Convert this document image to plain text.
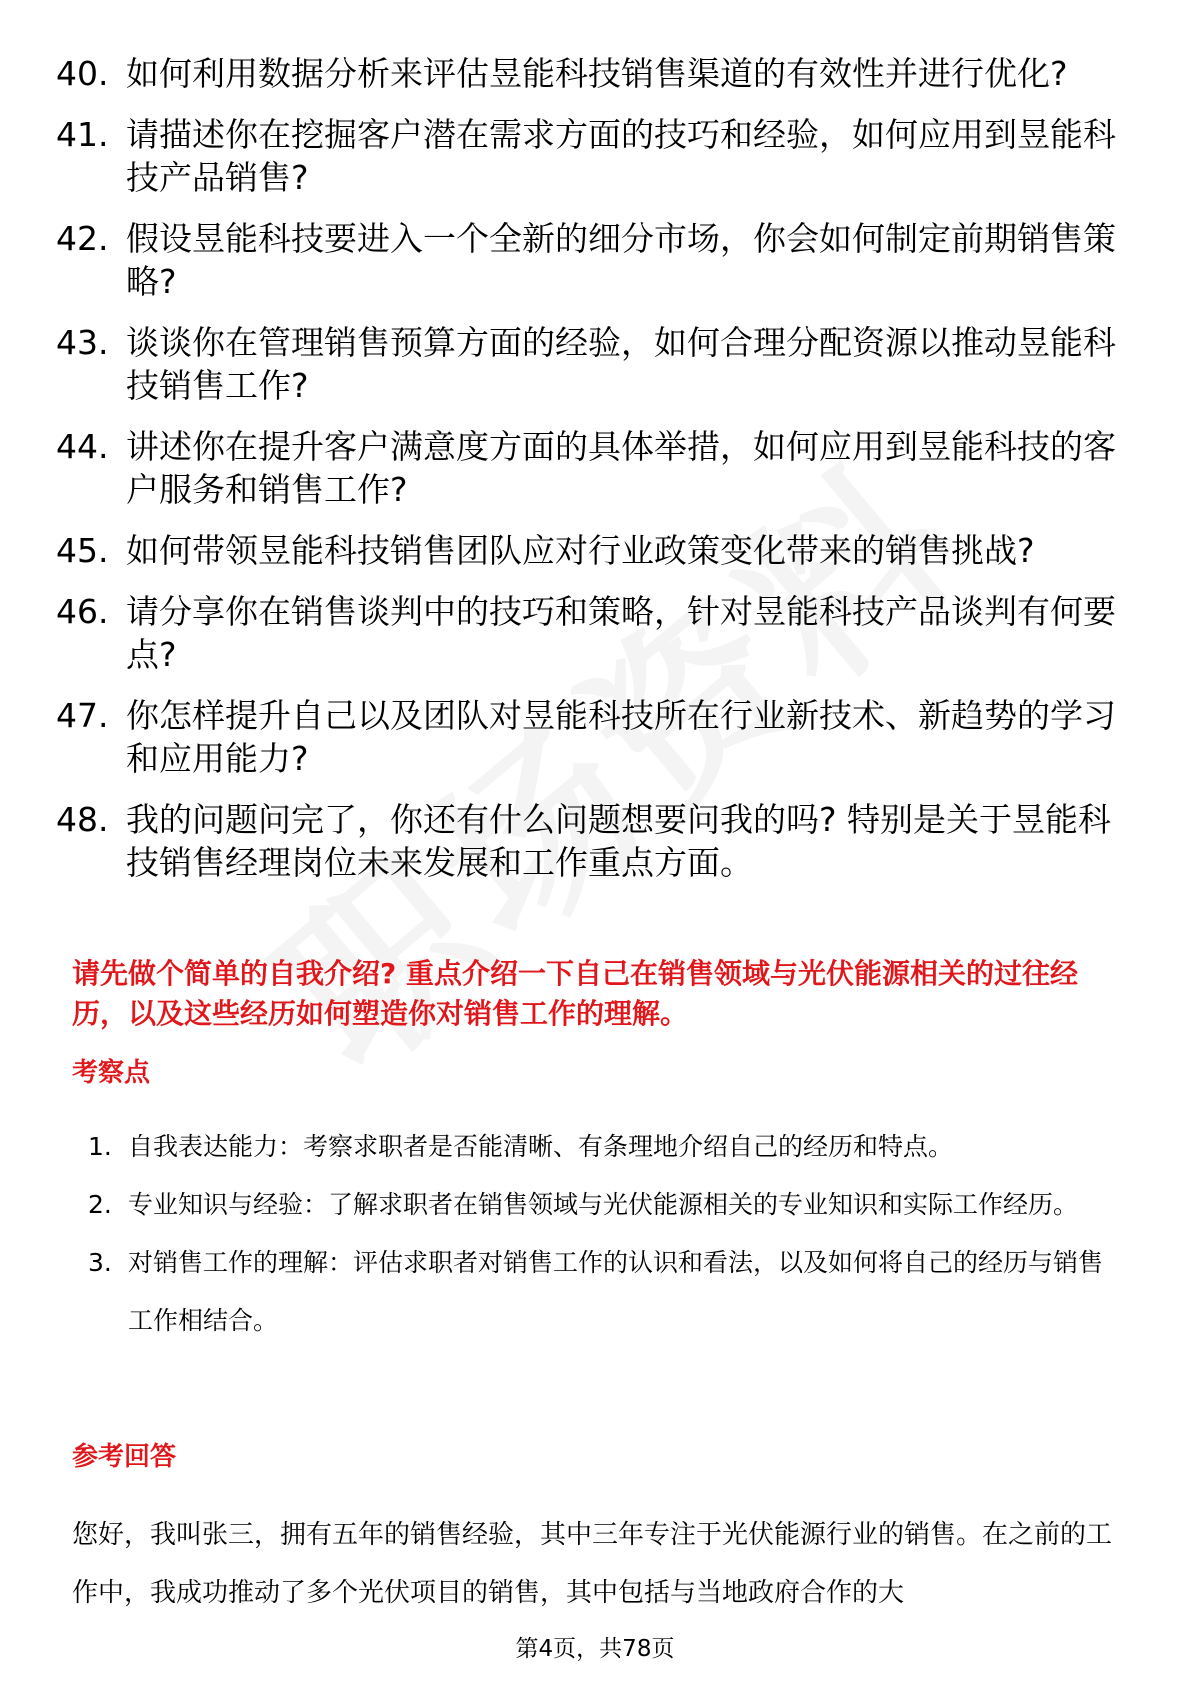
40. 如何利用数据分析来评估昱能科技销售渠道的有效性并进行优化?
41. 请描述你在挖掘客户潜在需求方面的技巧和经验，如何应用到昱能科技产品销售?
42. 假设昱能科技要进入一个全新的细分市场，你会如何制定前期销售策略?
43. 谈谈你在管理销售预算方面的经验，如何合理分配资源以推动昱能科技销售工作?
44. 讲述你在提升客户满意度方面的具体举措，如何应用到昱能科技的客户服务和销售工作?
45. 如何带领昱能科技销售团队应对行业政策变化带来的销售挑战?
46. 请分享你在销售谈判中的技巧和策略，针对昱能科技产品谈判有何要点?
47. 你怎样提升自己以及团队对昱能科技所在行业新技术、新趋势的学习和应用能力?
48. 我的问题问完了，你还有什么问题想要问我的吗? 特别是关于昱能科技销售经理岗位未来发展和工作重点方面。

请先做个简单的自我介绍? 重点介绍一下自己在销售领域与光伏能源相关的过往经历，以及这些经历如何塑造你对销售工作的理解。

考察点
1. 自我表达能力：考察求职者是否能清晰、有条理地介绍自己的经历和特点。
2. 专业知识与经验：了解求职者在销售领域与光伏能源相关的专业知识和实际工作经历。
3. 对销售工作的理解：评估求职者对销售工作的认识和看法，以及如何将自己的经历与销售工作相结合。
参考回答

您好，我叫张三，拥有五年的销售经验，其中三年专注于光伏能源行业的销售。在之前的工作中，我成功推动了多个光伏项目的销售，其中包括与当地政府合作的大

第4页，共78页
